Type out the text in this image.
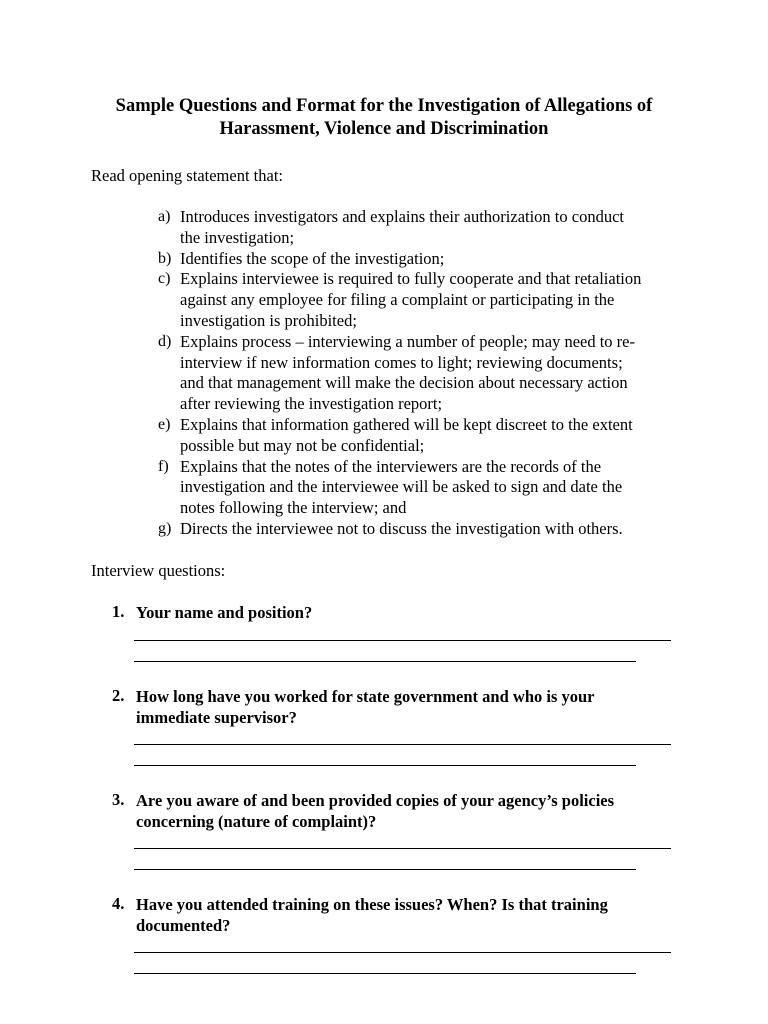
Sample Questions and Format for the Investigation of Allegations of
Harassment, Violence and Discrimination
Read opening statement that:
a) Introduces investigators and explains their authorization to conduct
the investigation;
b) Identifies the scope of the investigation;
c) Explains interviewee is required to fully cooperate and that retaliation
against any employee for filing a complaint or participating in the
investigation is prohibited;
d) Explains process – interviewing a number of people; may need to re-
interview if new information comes to light; reviewing documents;
and that management will make the decision about necessary action
after reviewing the investigation report;
e) Explains that information gathered will be kept discreet to the extent
possible but may not be confidential;
f) Explains that the notes of the interviewers are the records of the
investigation and the interviewee will be asked to sign and date the
notes following the interview; and
g) Directs the interviewee not to discuss the investigation with others.
Interview questions:
1. Your name and position?
2. How long have you worked for state government and who is your
immediate supervisor?
3. Are you aware of and been provided copies of your agency’s policies
concerning (nature of complaint)?
4. Have you attended training on these issues? When? Is that training
documented?
